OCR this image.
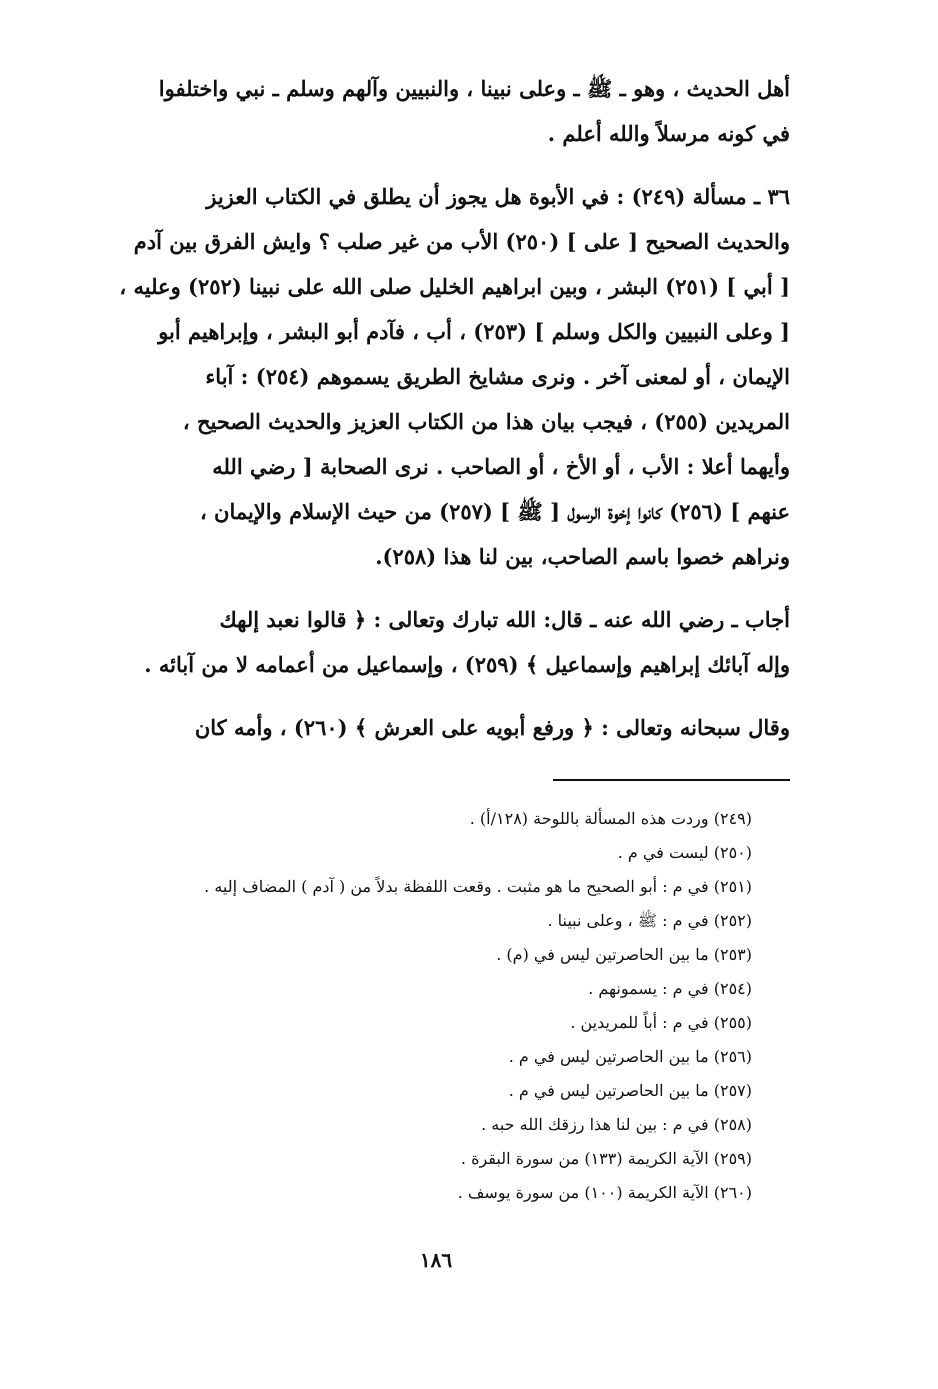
أهل الحديث ، وهو ـ ﷺ ـ وعلى نبينا ، والنبيين وآلهم وسلم ـ نبي واختلفوا
في كونه مرسلاً والله أعلم .

٣٦ ـ مسألة (٢٤٩) : في الأبوة هل يجوز أن يطلق في الكتاب العزيز
والحديث الصحيح [ على ] (٢٥٠) الأب من غير صلب ؟ وايش الفرق بين آدم
[ أبي ] (٢٥١) البشر ، وبين ابراهيم الخليل صلى الله على نبينا (٢٥٢) وعليه ،
[ وعلى النبيين والكل وسلم ] (٢٥٣) ، أب ، فآدم أبو البشر ، وإبراهيم أبو
الإيمان ، أو لمعنى آخر . ونرى مشايخ الطريق يسموهم (٢٥٤) : آباء
المريدين (٢٥٥) ، فيجب بيان هذا من الكتاب العزيز والحديث الصحيح ،
وأيهما أعلا : الأب ، أو الأخ ، أو الصاحب . نرى الصحابة [ رضي الله
عنهم ] (٢٥٦) كانوا إخوة الرسول [ ﷺ ] (٢٥٧) من حيث الإسلام والإيمان ،
ونراهم خصوا باسم الصاحب، بين لنا هذا (٢٥٨).

أجاب ـ رضي الله عنه ـ قال: الله تبارك وتعالى : ﴿ قالوا نعبد إلهك
وإله آبائك إبراهيم وإسماعيل ﴾ (٢٥٩) ، وإسماعيل من أعمامه لا من آبائه .

وقال سبحانه وتعالى : ﴿ ورفع أبويه على العرش ﴾ (٢٦٠) ، وأمه كان

(٢٤٩) وردت هذه المسألة باللوحة (١٢٨/أ) .

(٢٥٠) ليست في م .

(٢٥١) في م : أبو الصحيح ما هو مثبت . وقعت اللفظة بدلاً من ( آدم ) المضاف إليه .

(٢٥٢) في م : ﷺ ، وعلى نبينا .

(٢٥٣) ما بين الحاصرتين ليس في (م) .

(٢٥٤) في م : يسمونهم .

(٢٥٥) في م : أباً للمريدين .

(٢٥٦) ما بين الحاصرتين ليس في م .

(٢٥٧) ما بين الحاصرتين ليس في م .

(٢٥٨) في م : بين لنا هذا رزقك الله حبه .

(٢٥٩) الآية الكريمة (١٣٣) من سورة البقرة .

(٢٦٠) الآية الكريمة (١٠٠) من سورة يوسف .

١٨٦
